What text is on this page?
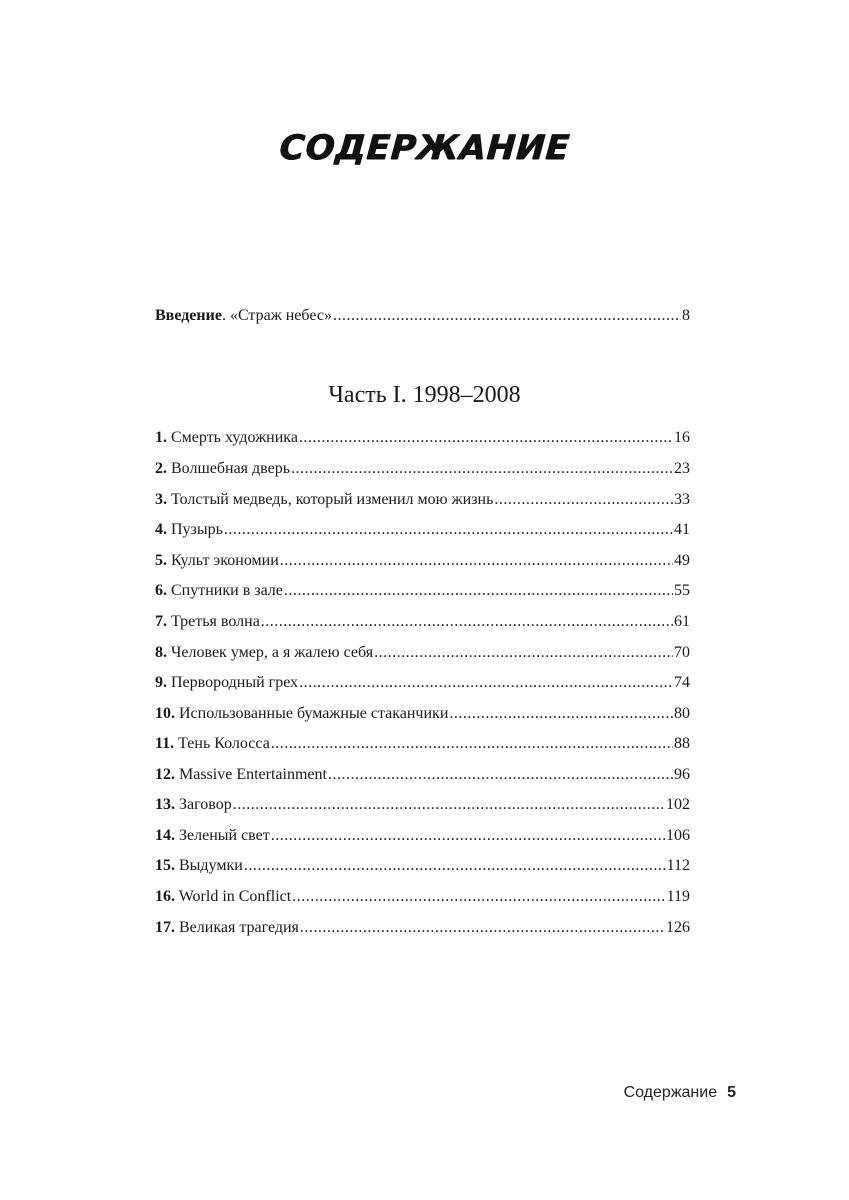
СОДЕРЖАНИЕ
Введение. «Страж небес» .....	8
Часть I. 1998–2008
1. Смерть художника .....	16
2. Волшебная дверь .....	23
3. Толстый медведь, который изменил мою жизнь .....	33
4. Пузырь .....	41
5. Культ экономии .....	49
6. Спутники в зале .....	55
7. Третья волна .....	61
8. Человек умер, а я жалею себя .....	70
9. Первородный грех .....	74
10. Использованные бумажные стаканчики .....	80
11. Тень Колосса .....	88
12. Massive Entertainment .....	96
13. Заговор .....	102
14. Зеленый свет .....	106
15. Выдумки .....	112
16. World in Conflict .....	119
17. Великая трагедия .....	126
Содержание 5
